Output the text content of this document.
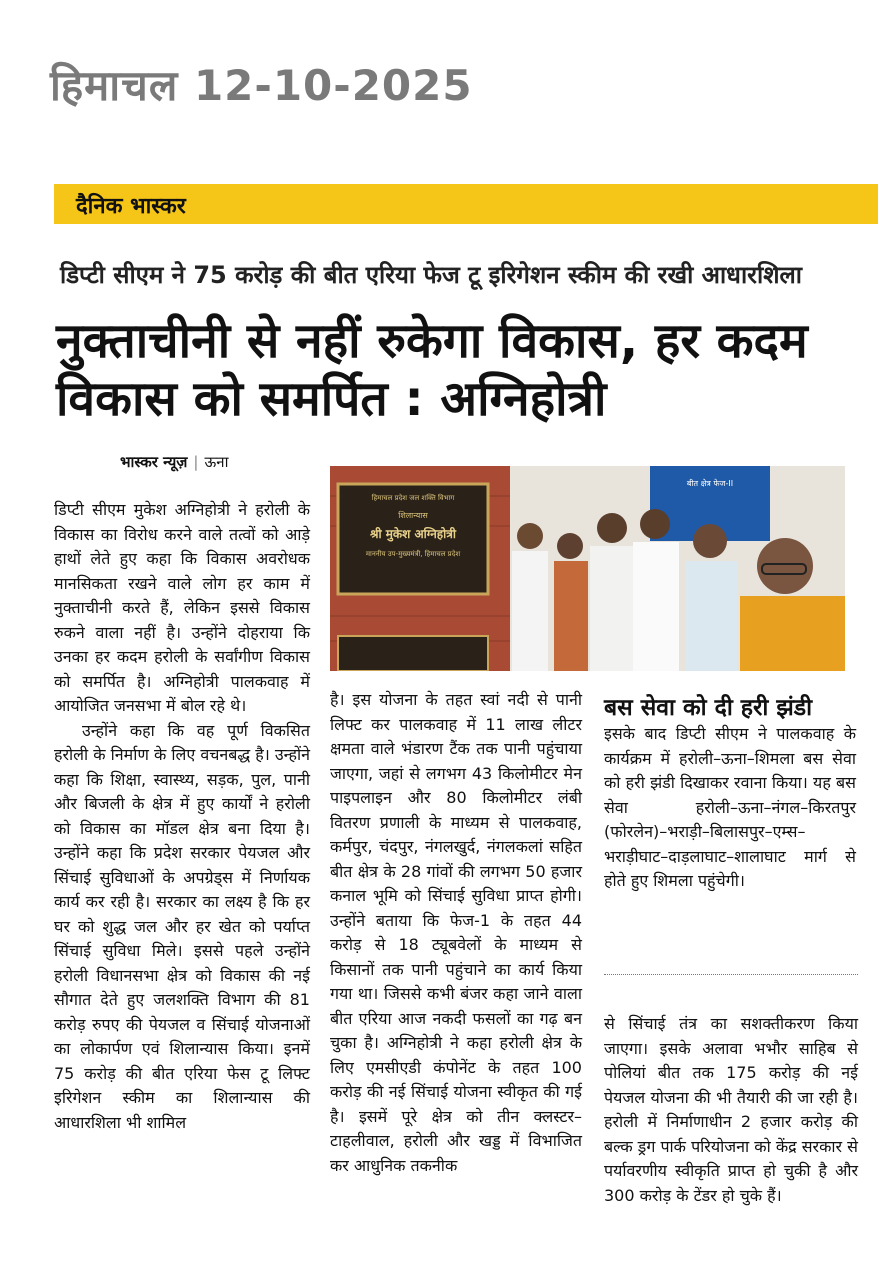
हिमाचल 12-10-2025
दैनिक भास्कर
डिप्टी सीएम ने 75 करोड़ की बीत एरिया फेज टू इरिगेशन स्कीम की रखी आधारशिला
नुक्ताचीनी से नहीं रुकेगा विकास, हर कदम विकास को समर्पित : अग्निहोत्री
भास्कर न्यूज़ | ऊना
हिमाचल प्रदेश जल शक्ति विभाग
शिलान्यास
श्री मुकेश अग्निहोत्री
माननीय उप-मुख्यमंत्री, हिमाचल प्रदेश
बीत क्षेत्र फेज-II

डिप्टी सीएम मुकेश अग्निहोत्री ने हरोली के विकास का विरोध करने वाले तत्वों को आड़े हाथों लेते हुए कहा कि विकास अवरोधक मानसिकता रखने वाले लोग हर काम में नुक्ताचीनी करते हैं, लेकिन इससे विकास रुकने वाला नहीं है। उन्होंने दोहराया कि उनका हर कदम हरोली के सर्वांगीण विकास को समर्पित है। अग्निहोत्री पालकवाह में आयोजित जनसभा में बोल रहे थे।

उन्होंने कहा कि वह पूर्ण विकसित हरोली के निर्माण के लिए वचनबद्ध है। उन्होंने कहा कि शिक्षा, स्वास्थ्य, सड़क, पुल, पानी और बिजली के क्षेत्र में हुए कार्यों ने हरोली को विकास का मॉडल क्षेत्र बना दिया है। उन्होंने कहा कि प्रदेश सरकार पेयजल और सिंचाई सुविधाओं के अपग्रेड्स में निर्णायक कार्य कर रही है। सरकार का लक्ष्य है कि हर घर को शुद्ध जल और हर खेत को पर्याप्त सिंचाई सुविधा मिले। इससे पहले उन्होंने हरोली विधानसभा क्षेत्र को विकास की नई सौगात देते हुए जलशक्ति विभाग की 81 करोड़ रुपए की पेयजल व सिंचाई योजनाओं का लोकार्पण एवं शिलान्यास किया। इनमें 75 करोड़ की बीत एरिया फेस टू लिफ्ट इरिगेशन स्कीम का शिलान्यास की आधारशिला भी शामिल

है। इस योजना के तहत स्वां नदी से पानी लिफ्ट कर पालकवाह में 11 लाख लीटर क्षमता वाले भंडारण टैंक तक पानी पहुंचाया जाएगा, जहां से लगभग 43 किलोमीटर मेन पाइपलाइन और 80 किलोमीटर लंबी वितरण प्रणाली के माध्यम से पालकवाह, कर्मपुर, चंदपुर, नंगलखुर्द, नंगलकलां सहित बीत क्षेत्र के 28 गांवों की लगभग 50 हजार कनाल भूमि को सिंचाई सुविधा प्राप्त होगी। उन्होंने बताया कि फेज-1 के तहत 44 करोड़ से 18 ट्यूबवेलों के माध्यम से किसानों तक पानी पहुंचाने का कार्य किया गया था। जिससे कभी बंजर कहा जाने वाला बीत एरिया आज नकदी फसलों का गढ़ बन चुका है। अग्निहोत्री ने कहा हरोली क्षेत्र के लिए एमसीएडी कंपोनेंट के तहत 100 करोड़ की नई सिंचाई योजना स्वीकृत की गई है। इसमें पूरे क्षेत्र को तीन क्लस्टर–टाहलीवाल, हरोली और खड्ड में विभाजित कर आधुनिक तकनीक

बस सेवा को दी हरी झंडी

इसके बाद डिप्टी सीएम ने पालकवाह के कार्यक्रम में हरोली–ऊना–शिमला बस सेवा को हरी झंडी दिखाकर रवाना किया। यह बस सेवा हरोली–ऊना–नंगल–किरतपुर (फोरलेन)–भराड़ी–बिलासपुर–एम्स–भराड़ीघाट–दाड़लाघाट–शालाघाट मार्ग से होते हुए शिमला पहुंचेगी।

से सिंचाई तंत्र का सशक्तीकरण किया जाएगा। इसके अलावा भभौर साहिब से पोलियां बीत तक 175 करोड़ की नई पेयजल योजना की भी तैयारी की जा रही है। हरोली में निर्माणाधीन 2 हजार करोड़ की बल्क ड्रग पार्क परियोजना को केंद्र सरकार से पर्यावरणीय स्वीकृति प्राप्त हो चुकी है और 300 करोड़ के टेंडर हो चुके हैं।
